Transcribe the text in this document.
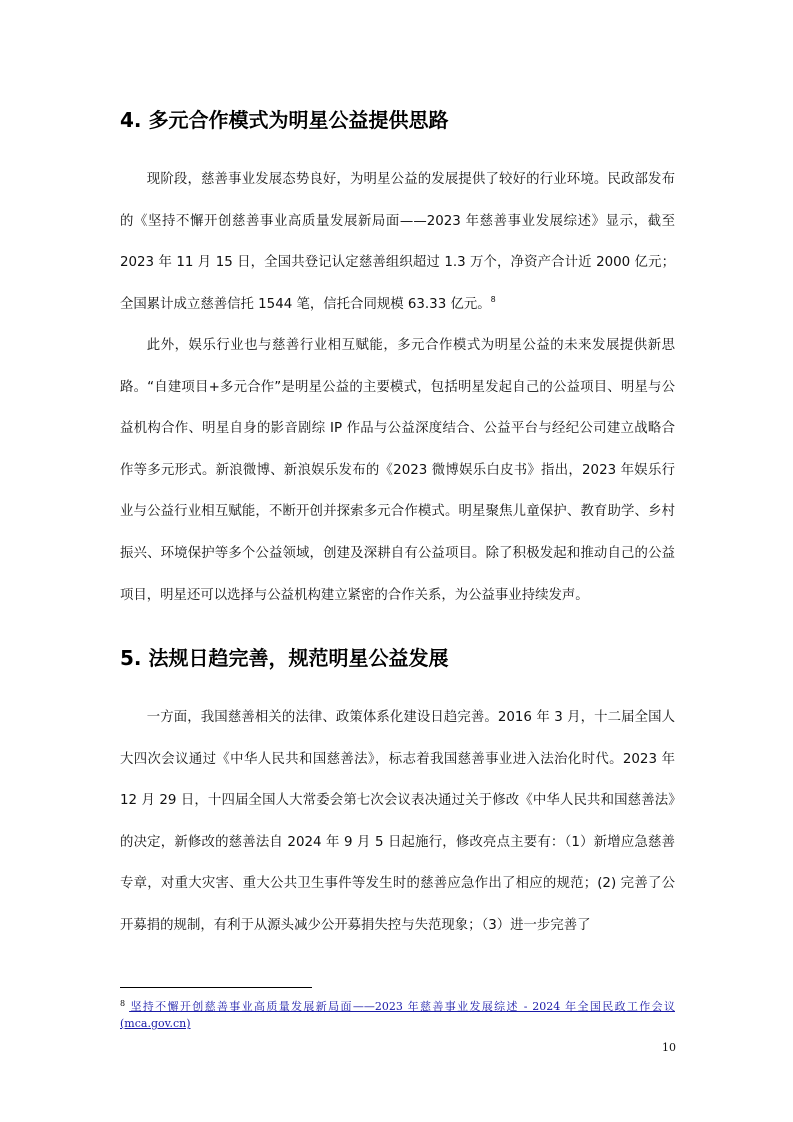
4. 多元合作模式为明星公益提供思路

现阶段，慈善事业发展态势良好，为明星公益的发展提供了较好的行业环境。民政部发布的《坚持不懈开创慈善事业高质量发展新局面——2023 年慈善事业发展综述》显示，截至 2023 年 11 月 15 日，全国共登记认定慈善组织超过 1.3 万个，净资产合计近 2000 亿元；全国累计成立慈善信托 1544 笔，信托合同规模 63.33 亿元。$^8$

此外，娱乐行业也与慈善行业相互赋能，多元合作模式为明星公益的未来发展提供新思路。“自建项目+多元合作”是明星公益的主要模式，包括明星发起自己的公益项目、明星与公益机构合作、明星自身的影音剧综 IP 作品与公益深度结合、公益平台与经纪公司建立战略合作等多元形式。新浪微博、新浪娱乐发布的《2023 微博娱乐白皮书》指出，2023 年娱乐行业与公益行业相互赋能，不断开创并探索多元合作模式。明星聚焦儿童保护、教育助学、乡村振兴、环境保护等多个公益领域，创建及深耕自有公益项目。除了积极发起和推动自己的公益项目，明星还可以选择与公益机构建立紧密的合作关系，为公益事业持续发声。

5. 法规日趋完善，规范明星公益发展

一方面，我国慈善相关的法律、政策体系化建设日趋完善。2016 年 3 月，十二届全国人大四次会议通过《中华人民共和国慈善法》，标志着我国慈善事业进入法治化时代。2023 年 12 月 29 日，十四届全国人大常委会第七次会议表决通过关于修改《中华人民共和国慈善法》的决定，新修改的慈善法自 2024 年 9 月 5 日起施行，修改亮点主要有：（1）新增应急慈善专章，对重大灾害、重大公共卫生事件等发生时的慈善应急作出了相应的规范；(2) 完善了公开募捐的规制，有利于从源头减少公开募捐失控与失范现象；（3）进一步完善了

$^8$ 坚持不懈开创慈善事业高质量发展新局面——2023 年慈善事业发展综述 - 2024 年全国民政工作会议 (mca.gov.cn)

10
